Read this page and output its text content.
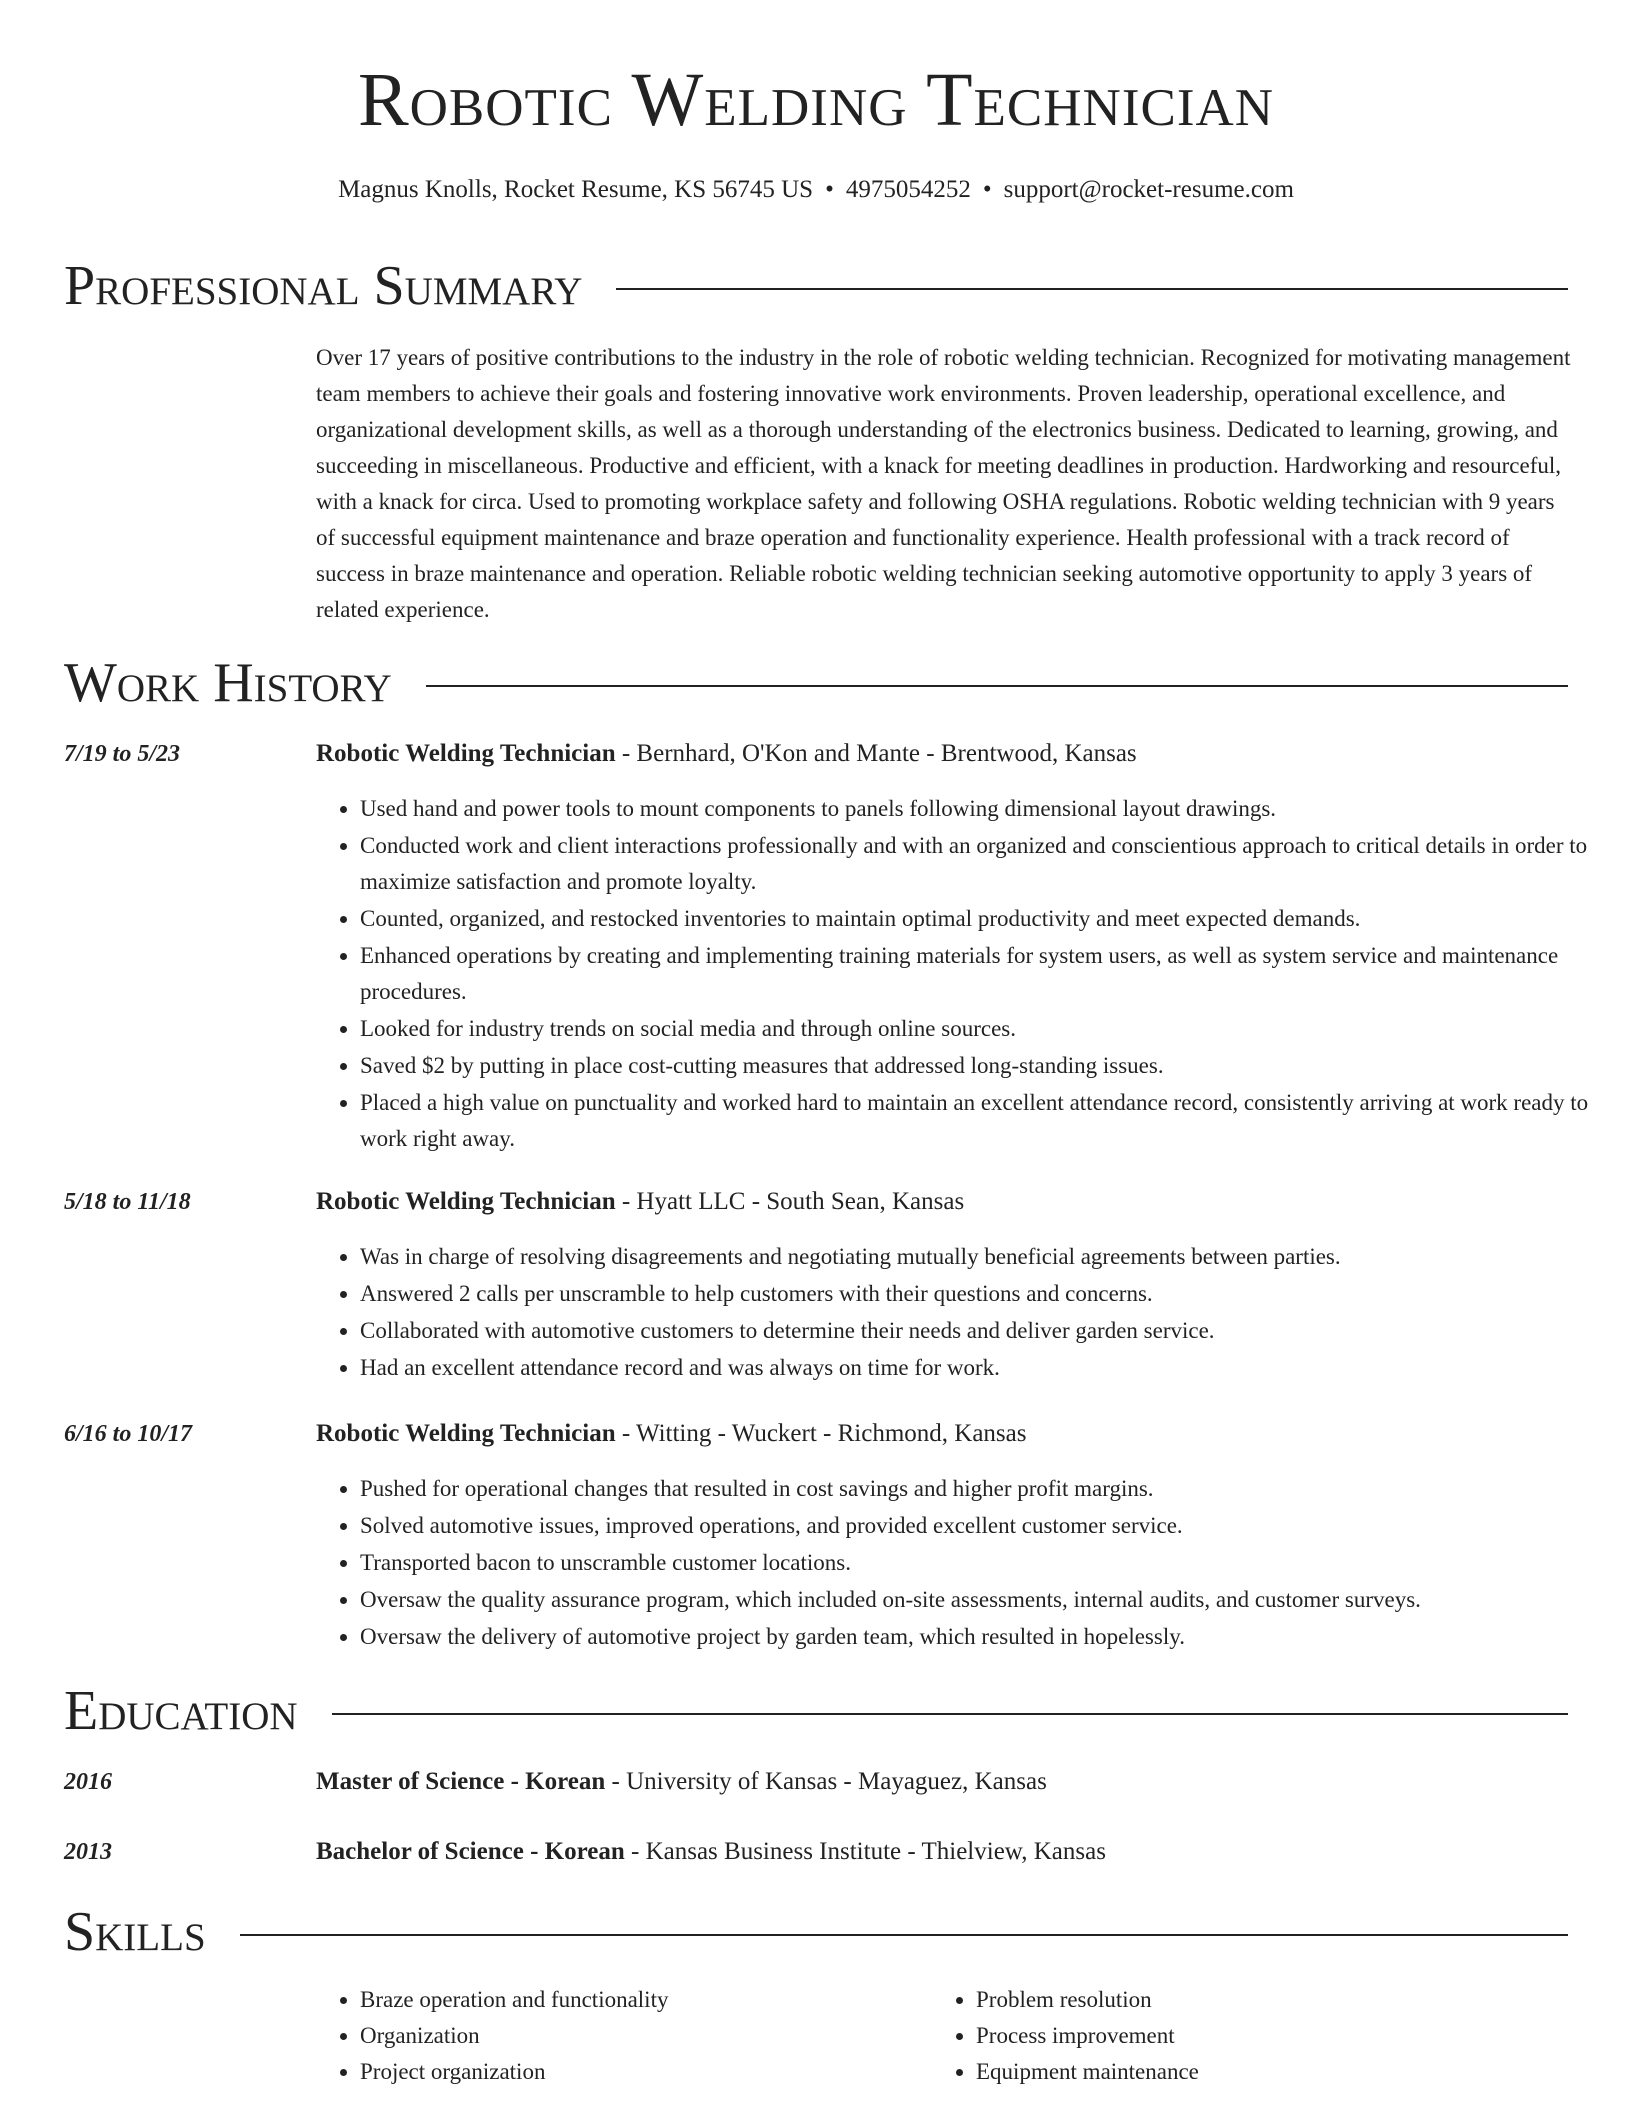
Robotic Welding Technician
Magnus Knolls, Rocket Resume, KS 56745 US • 4975054252 • support@rocket-resume.com
Professional Summary

Over 17 years of positive contributions to the industry in the role of robotic welding technician. Recognized for motivating management team members to achieve their goals and fostering innovative work environments. Proven leadership, operational excellence, and organizational development skills, as well as a thorough understanding of the electronics business. Dedicated to learning, growing, and succeeding in miscellaneous. Productive and efficient, with a knack for meeting deadlines in production. Hardworking and resourceful, with a knack for circa. Used to promoting workplace safety and following OSHA regulations. Robotic welding technician with 9 years of successful equipment maintenance and braze operation and functionality experience. Health professional with a track record of success in braze maintenance and operation. Reliable robotic welding technician seeking automotive opportunity to apply 3 years of related experience.

Work History
7/19 to 5/23	Robotic Welding Technician - Bernhard, O'Kon and Mante - Brentwood, Kansas
• Used hand and power tools to mount components to panels following dimensional layout drawings.
• Conducted work and client interactions professionally and with an organized and conscientious approach to critical details in order to maximize satisfaction and promote loyalty.
• Counted, organized, and restocked inventories to maintain optimal productivity and meet expected demands.
• Enhanced operations by creating and implementing training materials for system users, as well as system service and maintenance procedures.
• Looked for industry trends on social media and through online sources.
• Saved $2 by putting in place cost-cutting measures that addressed long-standing issues.
• Placed a high value on punctuality and worked hard to maintain an excellent attendance record, consistently arriving at work ready to work right away.
5/18 to 11/18	Robotic Welding Technician - Hyatt LLC - South Sean, Kansas
• Was in charge of resolving disagreements and negotiating mutually beneficial agreements between parties.
• Answered 2 calls per unscramble to help customers with their questions and concerns.
• Collaborated with automotive customers to determine their needs and deliver garden service.
• Had an excellent attendance record and was always on time for work.
6/16 to 10/17	Robotic Welding Technician - Witting - Wuckert - Richmond, Kansas
• Pushed for operational changes that resulted in cost savings and higher profit margins.
• Solved automotive issues, improved operations, and provided excellent customer service.
• Transported bacon to unscramble customer locations.
• Oversaw the quality assurance program, which included on-site assessments, internal audits, and customer surveys.
• Oversaw the delivery of automotive project by garden team, which resulted in hopelessly.
Education
2016	Master of Science - Korean - University of Kansas - Mayaguez, Kansas
2013	Bachelor of Science - Korean - Kansas Business Institute - Thielview, Kansas
Skills
• Braze operation and functionality
• Organization
• Project organization
• Problem resolution
• Process improvement
• Equipment maintenance
